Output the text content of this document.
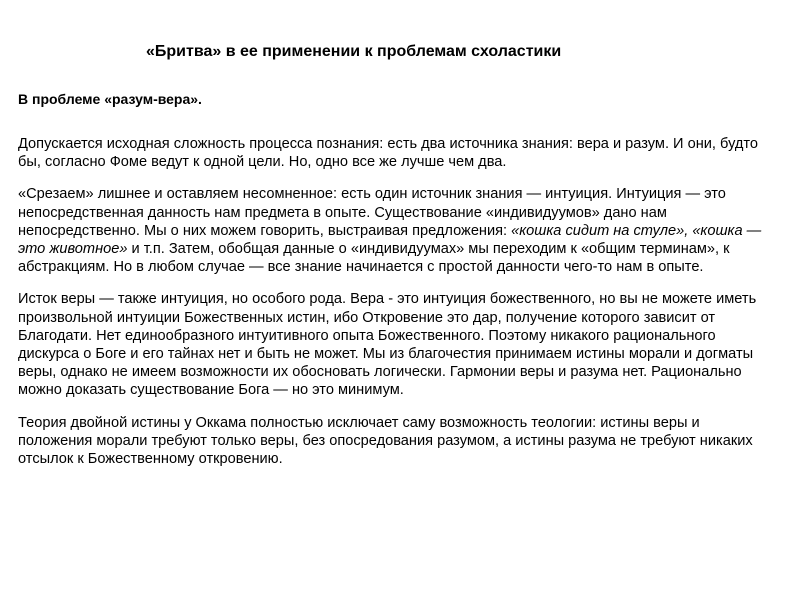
«Бритва» в ее применении к проблемам схоластики
В проблеме «разум-вера».

Допускается исходная сложность процесса познания: есть два источника знания: вера и разум. И они, будто бы, согласно Фоме ведут к одной цели. Но, одно все же лучше чем два.

«Срезаем» лишнее и оставляем несомненное: есть один источник знания — интуиция. Интуиция — это непосредственная данность нам предмета в опыте. Существование «индивидуумов» дано нам непосредственно. Мы о них можем говорить, выстраивая предложения: «кошка сидит на стуле», «кошка — это животное» и т.п. Затем, обобщая данные о «индивидуумах» мы переходим к «общим терминам», к абстракциям. Но в любом случае — все знание начинается с простой данности чего-то нам в опыте.

Исток веры — также интуиция, но особого рода. Вера - это интуиция божественного, но вы не можете иметь произвольной интуиции Божественных истин, ибо Откровение это дар, получение которого зависит от Благодати. Нет единообразного интуитивного опыта Божественного. Поэтому никакого рационального дискурса о Боге и его тайнах нет и быть не может. Мы из благочестия принимаем истины морали и догматы веры, однако не имеем возможности их обосновать логически. Гармонии веры и разума нет. Рационально можно доказать существование Бога — но это минимум.

Теория двойной истины у Оккама полностью исключает саму возможность теологии: истины веры и положения морали требуют только веры, без опосредования разумом, а истины разума не требуют никаких отсылок к Божественному откровению.
